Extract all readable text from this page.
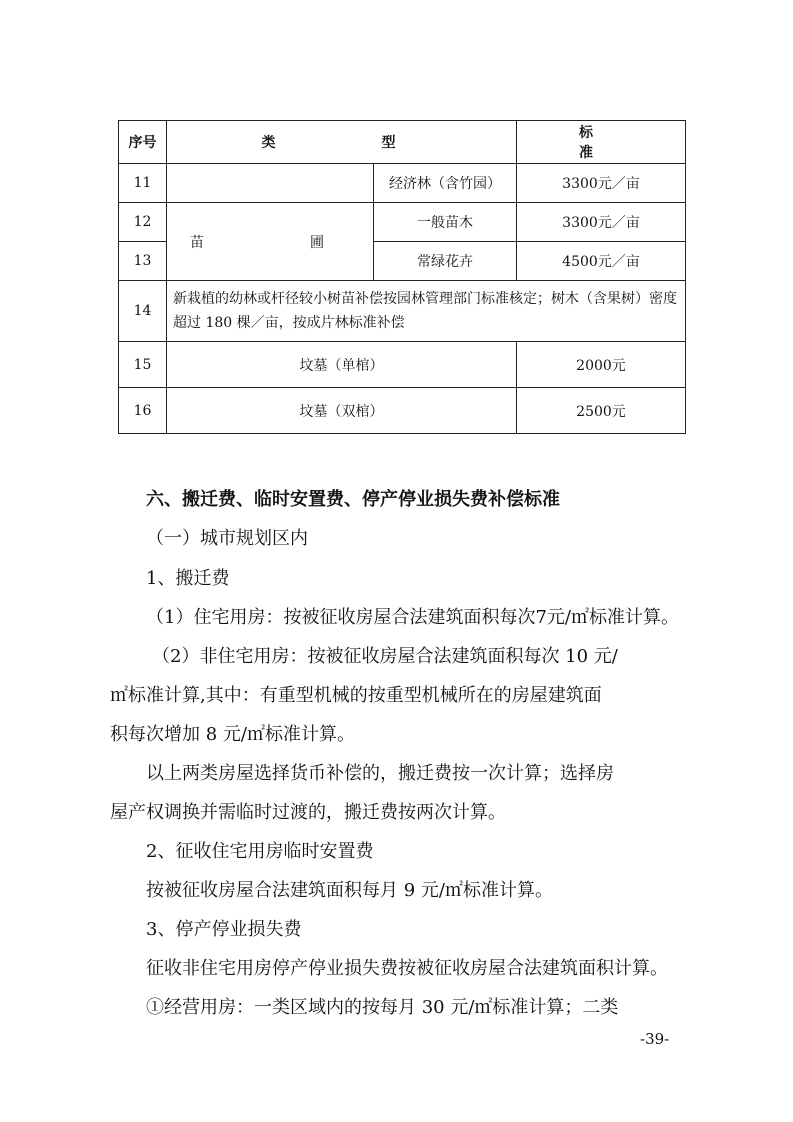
序号	类　　型		标　　准
11		经济林（含竹园）	3300元／亩
12	苗　　圃	一般苗木	3300元／亩
13		常绿花卉	4500元／亩
14	新栽植的幼林或杆径较小树苗补偿按园林管理部门标准核定；树木（含果树）密度超过 180 棵／亩，按成片林标准补偿		
15	坟墓（单棺）		2000元
16	坟墓（双棺）		2500元
六、搬迁费、临时安置费、停产停业损失费补偿标准
（一）城市规划区内
1、搬迁费
（1）住宅用房：按被征收房屋合法建筑面积每次7元/㎡标准计算。
（2）非住宅用房：按被征收房屋合法建筑面积每次 10 元/
㎡标准计算,其中：有重型机械的按重型机械所在的房屋建筑面
积每次增加 8 元/㎡标准计算。
以上两类房屋选择货币补偿的，搬迁费按一次计算；选择房
屋产权调换并需临时过渡的，搬迁费按两次计算。
2、征收住宅用房临时安置费
按被征收房屋合法建筑面积每月 9 元/㎡标准计算。
3、停产停业损失费
征收非住宅用房停产停业损失费按被征收房屋合法建筑面积计算。
①经营用房：一类区域内的按每月 30 元/㎡标准计算；二类
-39-
